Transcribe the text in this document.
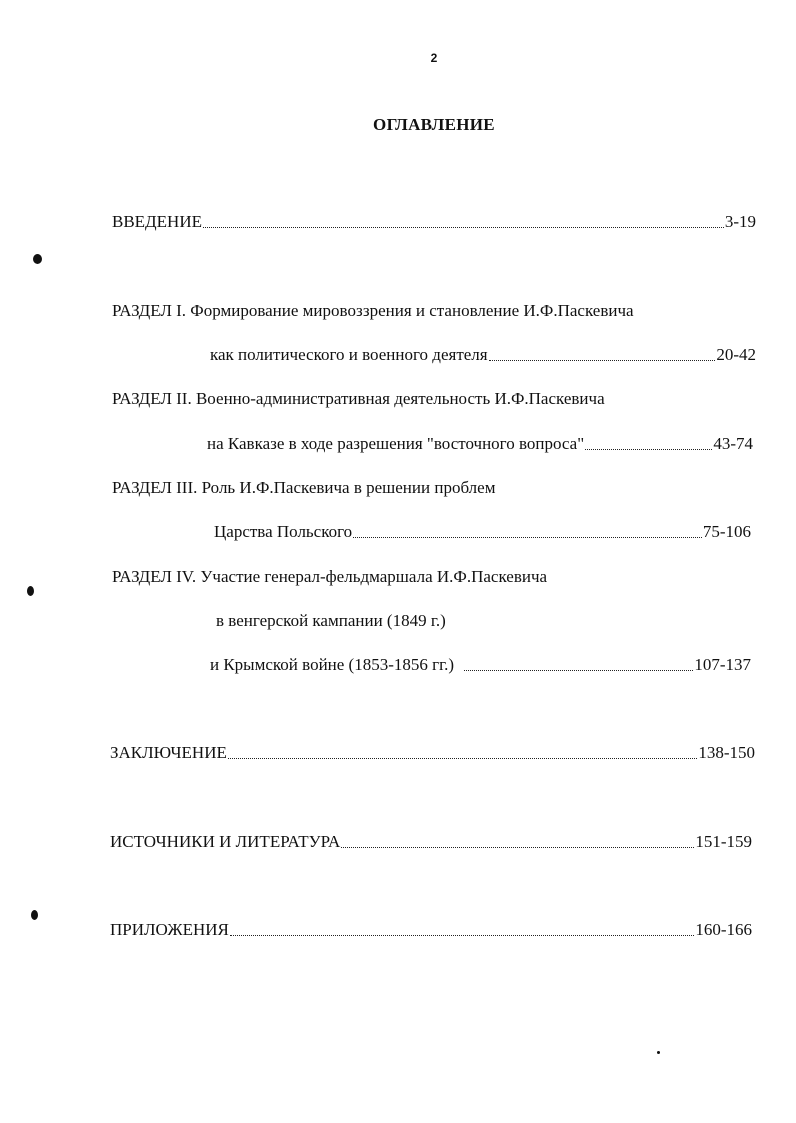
2
ОГЛАВЛЕНИЕ
ВВЕДЕНИЕ	3-19
РАЗДЕЛ I. Формирование мировоззрения и становление И.Ф.Паскевича
как политического и военного деятеля	20-42
РАЗДЕЛ II. Военно-административная деятельность И.Ф.Паскевича
на Кавказе в ходе разрешения "восточного вопроса"	43-74
РАЗДЕЛ III. Роль И.Ф.Паскевича в решении проблем
Царства Польского	75-106
РАЗДЕЛ IV. Участие генерал-фельдмаршала И.Ф.Паскевича
в венгерской кампании (1849 г.)
и Крымской войне (1853-1856 гг.)	107-137
ЗАКЛЮЧЕНИЕ	138-150
ИСТОЧНИКИ И ЛИТЕРАТУРА	151-159
ПРИЛОЖЕНИЯ	160-166
